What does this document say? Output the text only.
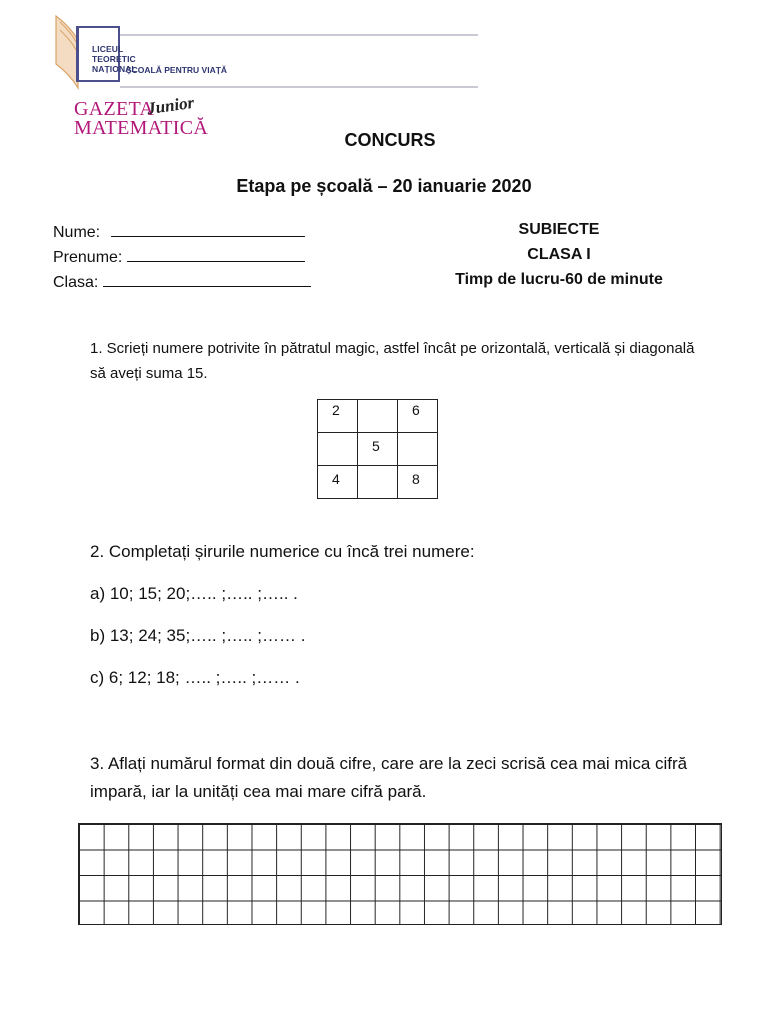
LICEUL
TEORETIC
NAȚIONAL
ȘCOALĂ PENTRU VIAȚĂ
GAZETA
MATEMATICĂ
Junior
CONCURS
Etapa pe școală – 20 ianuarie 2020
Nume:
Prenume:
Clasa:
SUBIECTE
CLASA I
Timp de lucru-60 de minute
1. Scrieți numere potrivite în pătratul magic, astfel încât pe orizontală, verticală și diagonală să aveți suma 15.
2		6

	5	

4		8
2. Completați șirurile numerice cu încă trei numere:
a) 10; 15; 20;….. ;….. ;….. .
b) 13; 24; 35;….. ;….. ;…… .
c) 6; 12; 18; ….. ;….. ;…… .
3. Aflați numărul format din două cifre, care are la zeci scrisă cea mai mica cifră impară, iar la unități cea mai mare cifră pară.
